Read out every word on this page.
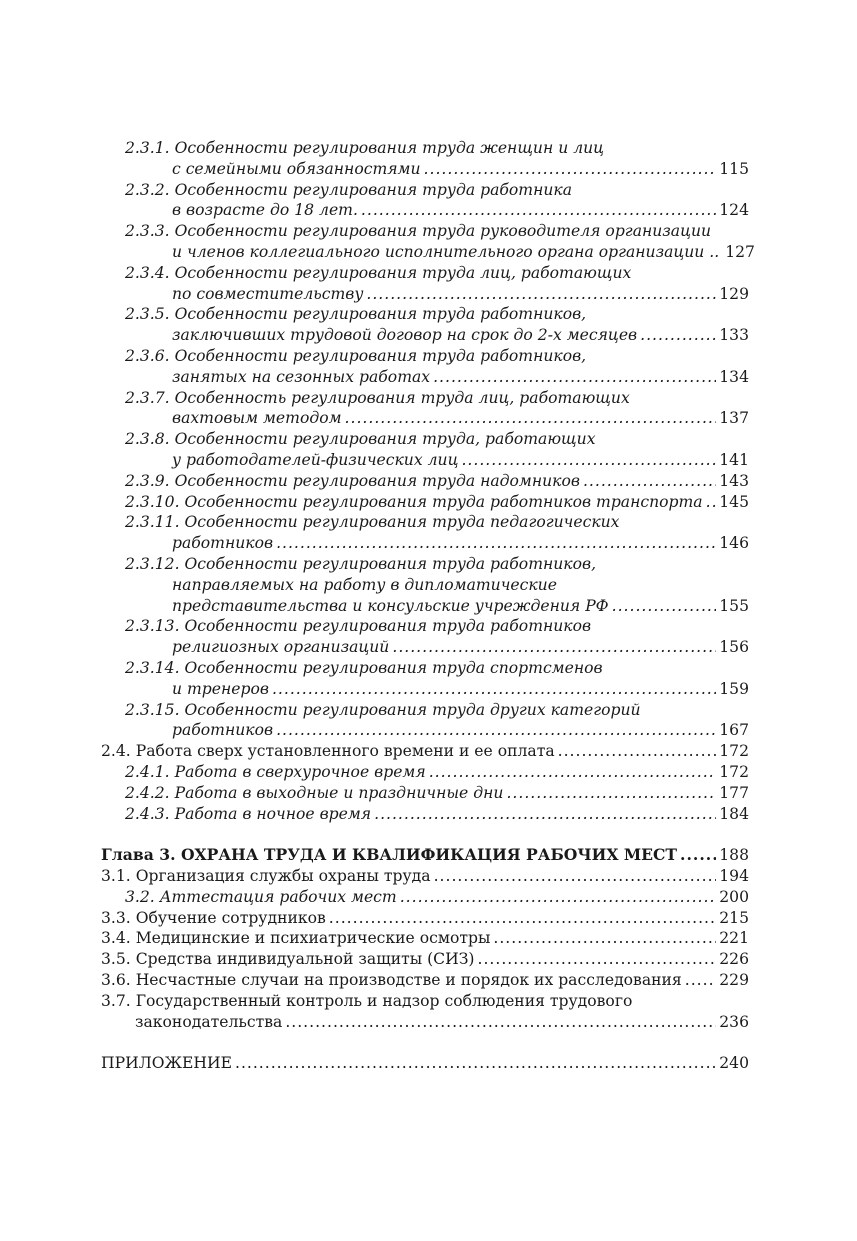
2.3.1. Особенности регулирования труда женщин и лиц
с семейными обязанностями .....	115
2.3.2. Особенности регулирования труда работника
в возрасте до 18 лет. .....	124
2.3.3. Особенности регулирования труда руководителя организации
и членов коллегиального исполнительного органа организации .. 127
2.3.4. Особенности регулирования труда лиц, работающих
по совместительству .....	129
2.3.5. Особенности регулирования труда работников,
заключивших трудовой договор на срок до 2-х месяцев .....	133
2.3.6. Особенности регулирования труда работников,
занятых на сезонных работах .....	134
2.3.7. Особенность регулирования труда лиц, работающих
вахтовым методом .....	137
2.3.8. Особенности регулирования труда, работающих
у работодателей-физических лиц .....	141
2.3.9. Особенности регулирования труда надомников .....	143
2.3.10. Особенности регулирования труда работников транспорта ..... 145
2.3.11. Особенности регулирования труда педагогических
работников .....	146
2.3.12. Особенности регулирования труда работников,
направляемых на работу в дипломатические
представительства и консульские учреждения РФ .....	155
2.3.13. Особенности регулирования труда работников
религиозных организаций .....	156
2.3.14. Особенности регулирования труда спортсменов
и тренеров .....	159
2.3.15. Особенности регулирования труда других категорий
работников .....	167
2.4. Работа сверх установленного времени и ее оплата .....	172
2.4.1. Работа в сверхурочное время .....	172
2.4.2. Работа в выходные и праздничные дни .....	177
2.4.3. Работа в ночное время .....	184
Глава 3. ОХРАНА ТРУДА И КВАЛИФИКАЦИЯ РАБОЧИХ МЕСТ .....	188
3.1. Организация службы охраны труда .....	194
3.2. Аттестация рабочих мест .....	200
3.3. Обучение сотрудников .....	215
3.4. Медицинские и психиатрические осмотры .....	221
3.5. Средства индивидуальной защиты (СИЗ) .....	226
3.6. Несчастные случаи на производстве и порядок их расследования ..... 229
3.7. Государственный контроль и надзор соблюдения трудового
законодательства .....	236
ПРИЛОЖЕНИЕ .....	240
